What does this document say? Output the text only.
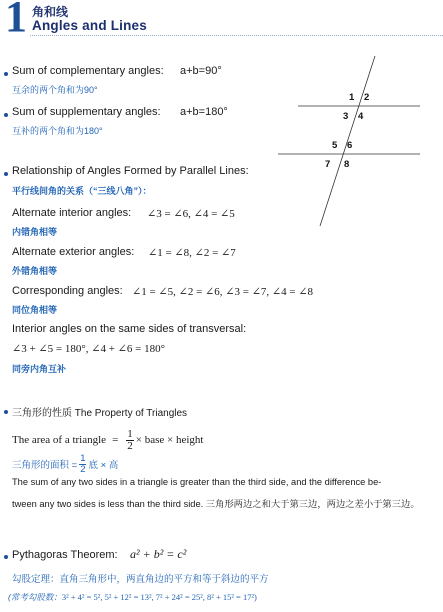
1 角和线
Angles and Lines
Sum of complementary angles: a+b=90°
互余的两个角和为90°
Sum of supplementary angles: a+b=180°
互补的两个角和为180°
1 2
3 4
5 6
7 8
Relationship of Angles Formed by Parallel Lines:
平行线间角的关系（“三线八角”）：
Alternate interior angles: ∠3 = ∠6, ∠4 = ∠5
内错角相等
Alternate exterior angles: ∠1 = ∠8, ∠2 = ∠7
外错角相等
Corresponding angles: ∠1 = ∠5, ∠2 = ∠6, ∠3 = ∠7, ∠4 = ∠8
同位角相等
Interior angles on the same sides of transversal:
∠3 + ∠5 = 180°, ∠4 + ∠6 = 180°
同旁内角互补
三角形的性质 The Property of Triangles
The area of a triangle = $\frac{1}{2}$ × base × height
三角形的面积 = $\frac{1}{2}$ 底 × 高
The sum of any two sides in a triangle is greater than the third side, and the difference be-
tween any two sides is less than the third side. 三角形两边之和大于第三边，两边之差小于第三边。
Pythagoras Theorem: a² + b² = c²
勾股定理：直角三角形中，两直角边的平方和等于斜边的平方
(常考勾股数：3² + 4² = 5², 5² + 12² = 13², 7² + 24² = 25², 8² + 15² = 17²)
